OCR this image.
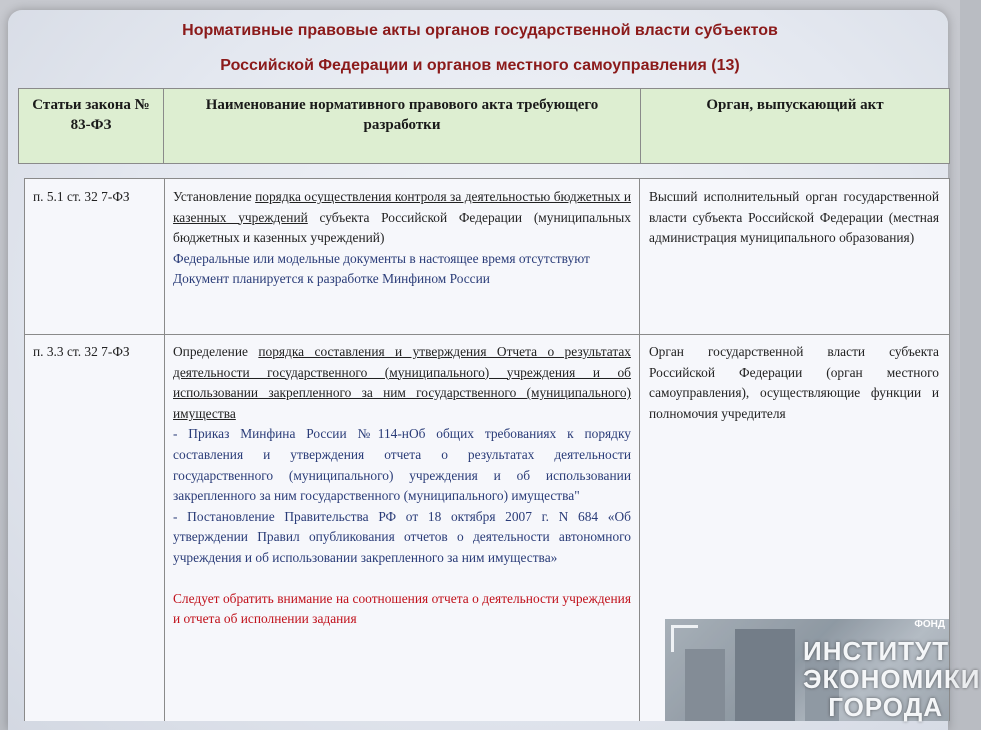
Нормативные правовые акты органов государственной власти субъектов
Российской Федерации и органов местного самоуправления (13)
Статьи закона № 83-ФЗ
Наименование нормативного правового акта требующего разработки
Орган, выпускающий акт
ФОНД
ИНСТИТУТ
ЭКОНОМИКИ
ГОРОДА
п. 5.1 ст. 32 7-ФЗ	Установление порядка осуществления контроля за деятельностью бюджетных и казенных учреждений субъекта Российской Федерации (муниципальных бюджетных и казенных учреждений)

Федеральные или модельные документы в настоящее время отсутствуют

Документ планируется к разработке Минфином России

Высший исполнительный орган государственной власти субъекта Российской Федерации (местная администрация муниципального образования)
п. 3.3 ст. 32 7-ФЗ	Определение порядка составления и утверждения Отчета о результатах деятельности государственного (муниципального) учреждения и об использовании закрепленного за ним государственного (муниципального) имущества

- Приказ Минфина России №114-нОб общих требованиях к порядку составления и утверждения отчета о результатах деятельности государственного (муниципального) учреждения и об использовании закрепленного за ним государственного (муниципального) имущества"

- Постановление Правительства РФ от 18 октября 2007 г. N 684 «Об утверждении Правил опубликования отчетов о деятельности автономного учреждения и об использовании закрепленного за ним имущества»

Следует обратить внимание на соотношения отчета о деятельности учреждения и отчета об исполнении задания

Орган государственной власти субъекта Российской Федерации (орган местного самоуправления), осуществляющие функции и полномочия учредителя
